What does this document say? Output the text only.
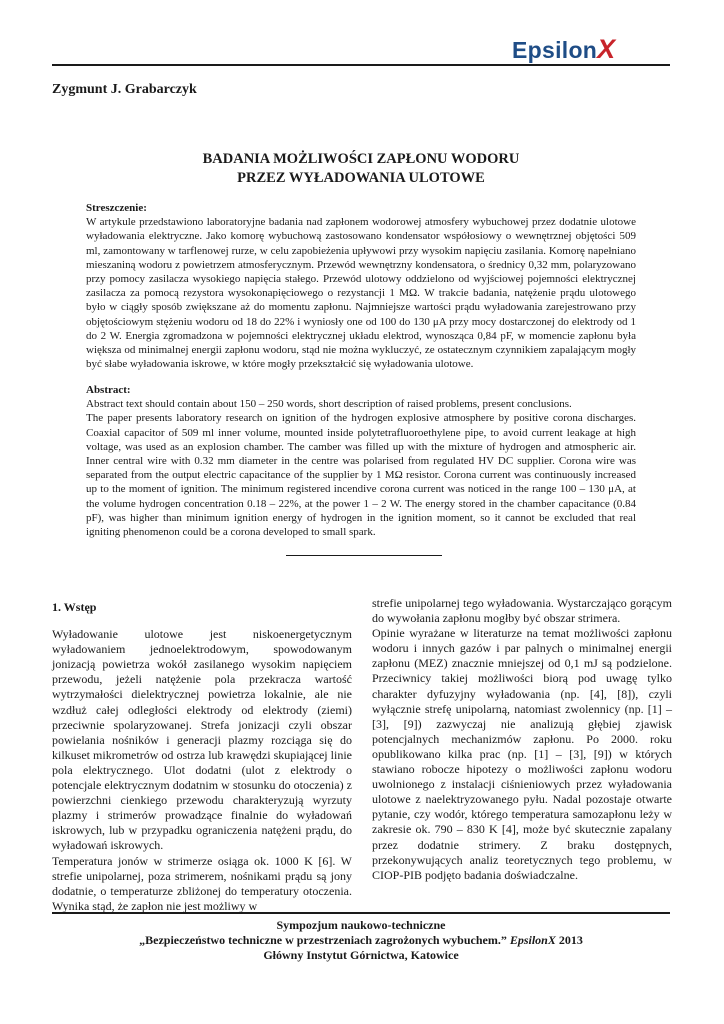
EpsilonX
Zygmunt J. Grabarczyk
BADANIA MOŻLIWOŚCI ZAPŁONU WODORU
PRZEZ WYŁADOWANIA ULOTOWE
Streszczenie:

W artykule przedstawiono laboratoryjne badania nad zapłonem wodorowej atmosfery wybuchowej przez dodatnie ulotowe wyładowania elektryczne. Jako komorę wybuchową zastosowano kondensator współosiowy o wewnętrznej objętości 509 ml, zamontowany w tarflenowej rurze, w celu zapobieżenia upływowi przy wysokim napięciu zasilania. Komorę napełniano mieszaniną wodoru z powietrzem atmosferycznym. Przewód wewnętrzny kondensatora, o średnicy 0,32 mm, polaryzowano przy pomocy zasilacza wysokiego napięcia stałego. Przewód ulotowy oddzielono od wyjściowej pojemności elektrycznej zasilacza za pomocą rezystora wysokonapięciowego o rezystancji 1 MΩ. W trakcie badania, natężenie prądu ulotowego było w ciągły sposób zwiększane aż do momentu zapłonu. Najmniejsze wartości prądu wyładowania zarejestrowano przy objętościowym stężeniu wodoru od 18 do 22% i wyniosły one od 100 do 130 μA przy mocy dostarczonej do elektrody od 1 do 2 W. Energia zgromadzona w pojemności elektrycznej układu elektrod, wynosząca 0,84 pF, w momencie zapłonu była większa od minimalnej energii zapłonu wodoru, stąd nie można wykluczyć, ze ostatecznym czynnikiem zapalającym mogły być słabe wyładowania iskrowe, w które mogły przekształcić się wyładowania ulotowe.

Abstract:

Abstract text should contain about 150 – 250 words, short description of raised problems, present conclusions.

The paper presents laboratory research on ignition of the hydrogen explosive atmosphere by positive corona discharges. Coaxial capacitor of 509 ml inner volume, mounted inside polytetrafluoroethylene pipe, to avoid current leakage at high voltage, was used as an explosion chamber. The camber was filled up with the mixture of hydrogen and atmospheric air. Inner central wire with 0.32 mm diameter in the centre was polarised from regulated HV DC supplier. Corona wire was separated from the output electric capacitance of the supplier by 1 MΩ resistor. Corona current was continuously increased up to the moment of ignition. The minimum registered incendive corona current was noticed in the range 100 – 130 μA, at the volume hydrogen concentration 0.18 – 22%, at the power 1 – 2 W. The energy stored in the chamber capacitance (0.84 pF), was higher than minimum ignition energy of hydrogen in the ignition moment, so it cannot be excluded that real igniting phenomenon could be a corona developed to small spark.

1. Wstęp

Wyładowanie ulotowe jest niskoenergetycznym wyładowaniem jednoelektrodowym, spowodowanym jonizacją powietrza wokół zasilanego wysokim napięciem przewodu, jeżeli natężenie pola przekracza wartość wytrzymałości dielektrycznej powietrza lokalnie, ale nie wzdłuż całej odległości elektrody od elektrody (ziemi) przeciwnie spolaryzowanej. Strefa jonizacji czyli obszar powielania nośników i generacji plazmy rozciąga się do kilkuset mikrometrów od ostrza lub krawędzi skupiającej linie pola elektrycznego. Ulot dodatni (ulot z elektrody o potencjale elektrycznym dodatnim w stosunku do otoczenia) z powierzchni cienkiego przewodu charakteryzują wyrzuty plazmy i strimerów prowadzące finalnie do wyładowań iskrowych, lub w przypadku ograniczenia natężeni prądu, do wyładowań iskrowych.

Temperatura jonów w strimerze osiąga ok. 1000 K [6]. W strefie unipolarnej, poza strimerem, nośnikami prądu są jony dodatnie, o temperaturze zbliżonej do temperatury otoczenia. Wynika stąd, że zapłon nie jest możliwy w

strefie unipolarnej tego wyładowania. Wystarczająco gorącym do wywołania zapłonu mogłby być obszar strimera.

Opinie wyrażane w literaturze na temat możliwości zapłonu wodoru i innych gazów i par palnych o minimalnej energii zapłonu (MEZ) znacznie mniejszej od 0,1 mJ są podzielone. Przeciwnicy takiej możliwości biorą pod uwagę tylko charakter dyfuzyjny wyładowania (np. [4], [8]), czyli wyłącznie strefę unipolarną, natomiast zwolennicy (np. [1] – [3], [9]) zazwyczaj nie analizują głębiej zjawisk potencjalnych mechanizmów zapłonu. Po 2000. roku opublikowano kilka prac (np. [1] – [3], [9]) w których stawiano robocze hipotezy o możliwości zapłonu wodoru uwolnionego z instalacji ciśnieniowych przez wyładowania ulotowe z naelektryzowanego pyłu. Nadal pozostaje otwarte pytanie, czy wodór, którego temperatura samozapłonu leży w zakresie ok. 790 – 830 K [4], może być skutecznie zapalany przez dodatnie strimery. Z braku dostępnych, przekonywujących analiz teoretycznych tego problemu, w CIOP-PIB podjęto badania doświadczalne.

Sympozjum naukowo-techniczne
„Bezpieczeństwo techniczne w przestrzeniach zagrożonych wybuchem.” EpsilonX 2013
Główny Instytut Górnictwa, Katowice
